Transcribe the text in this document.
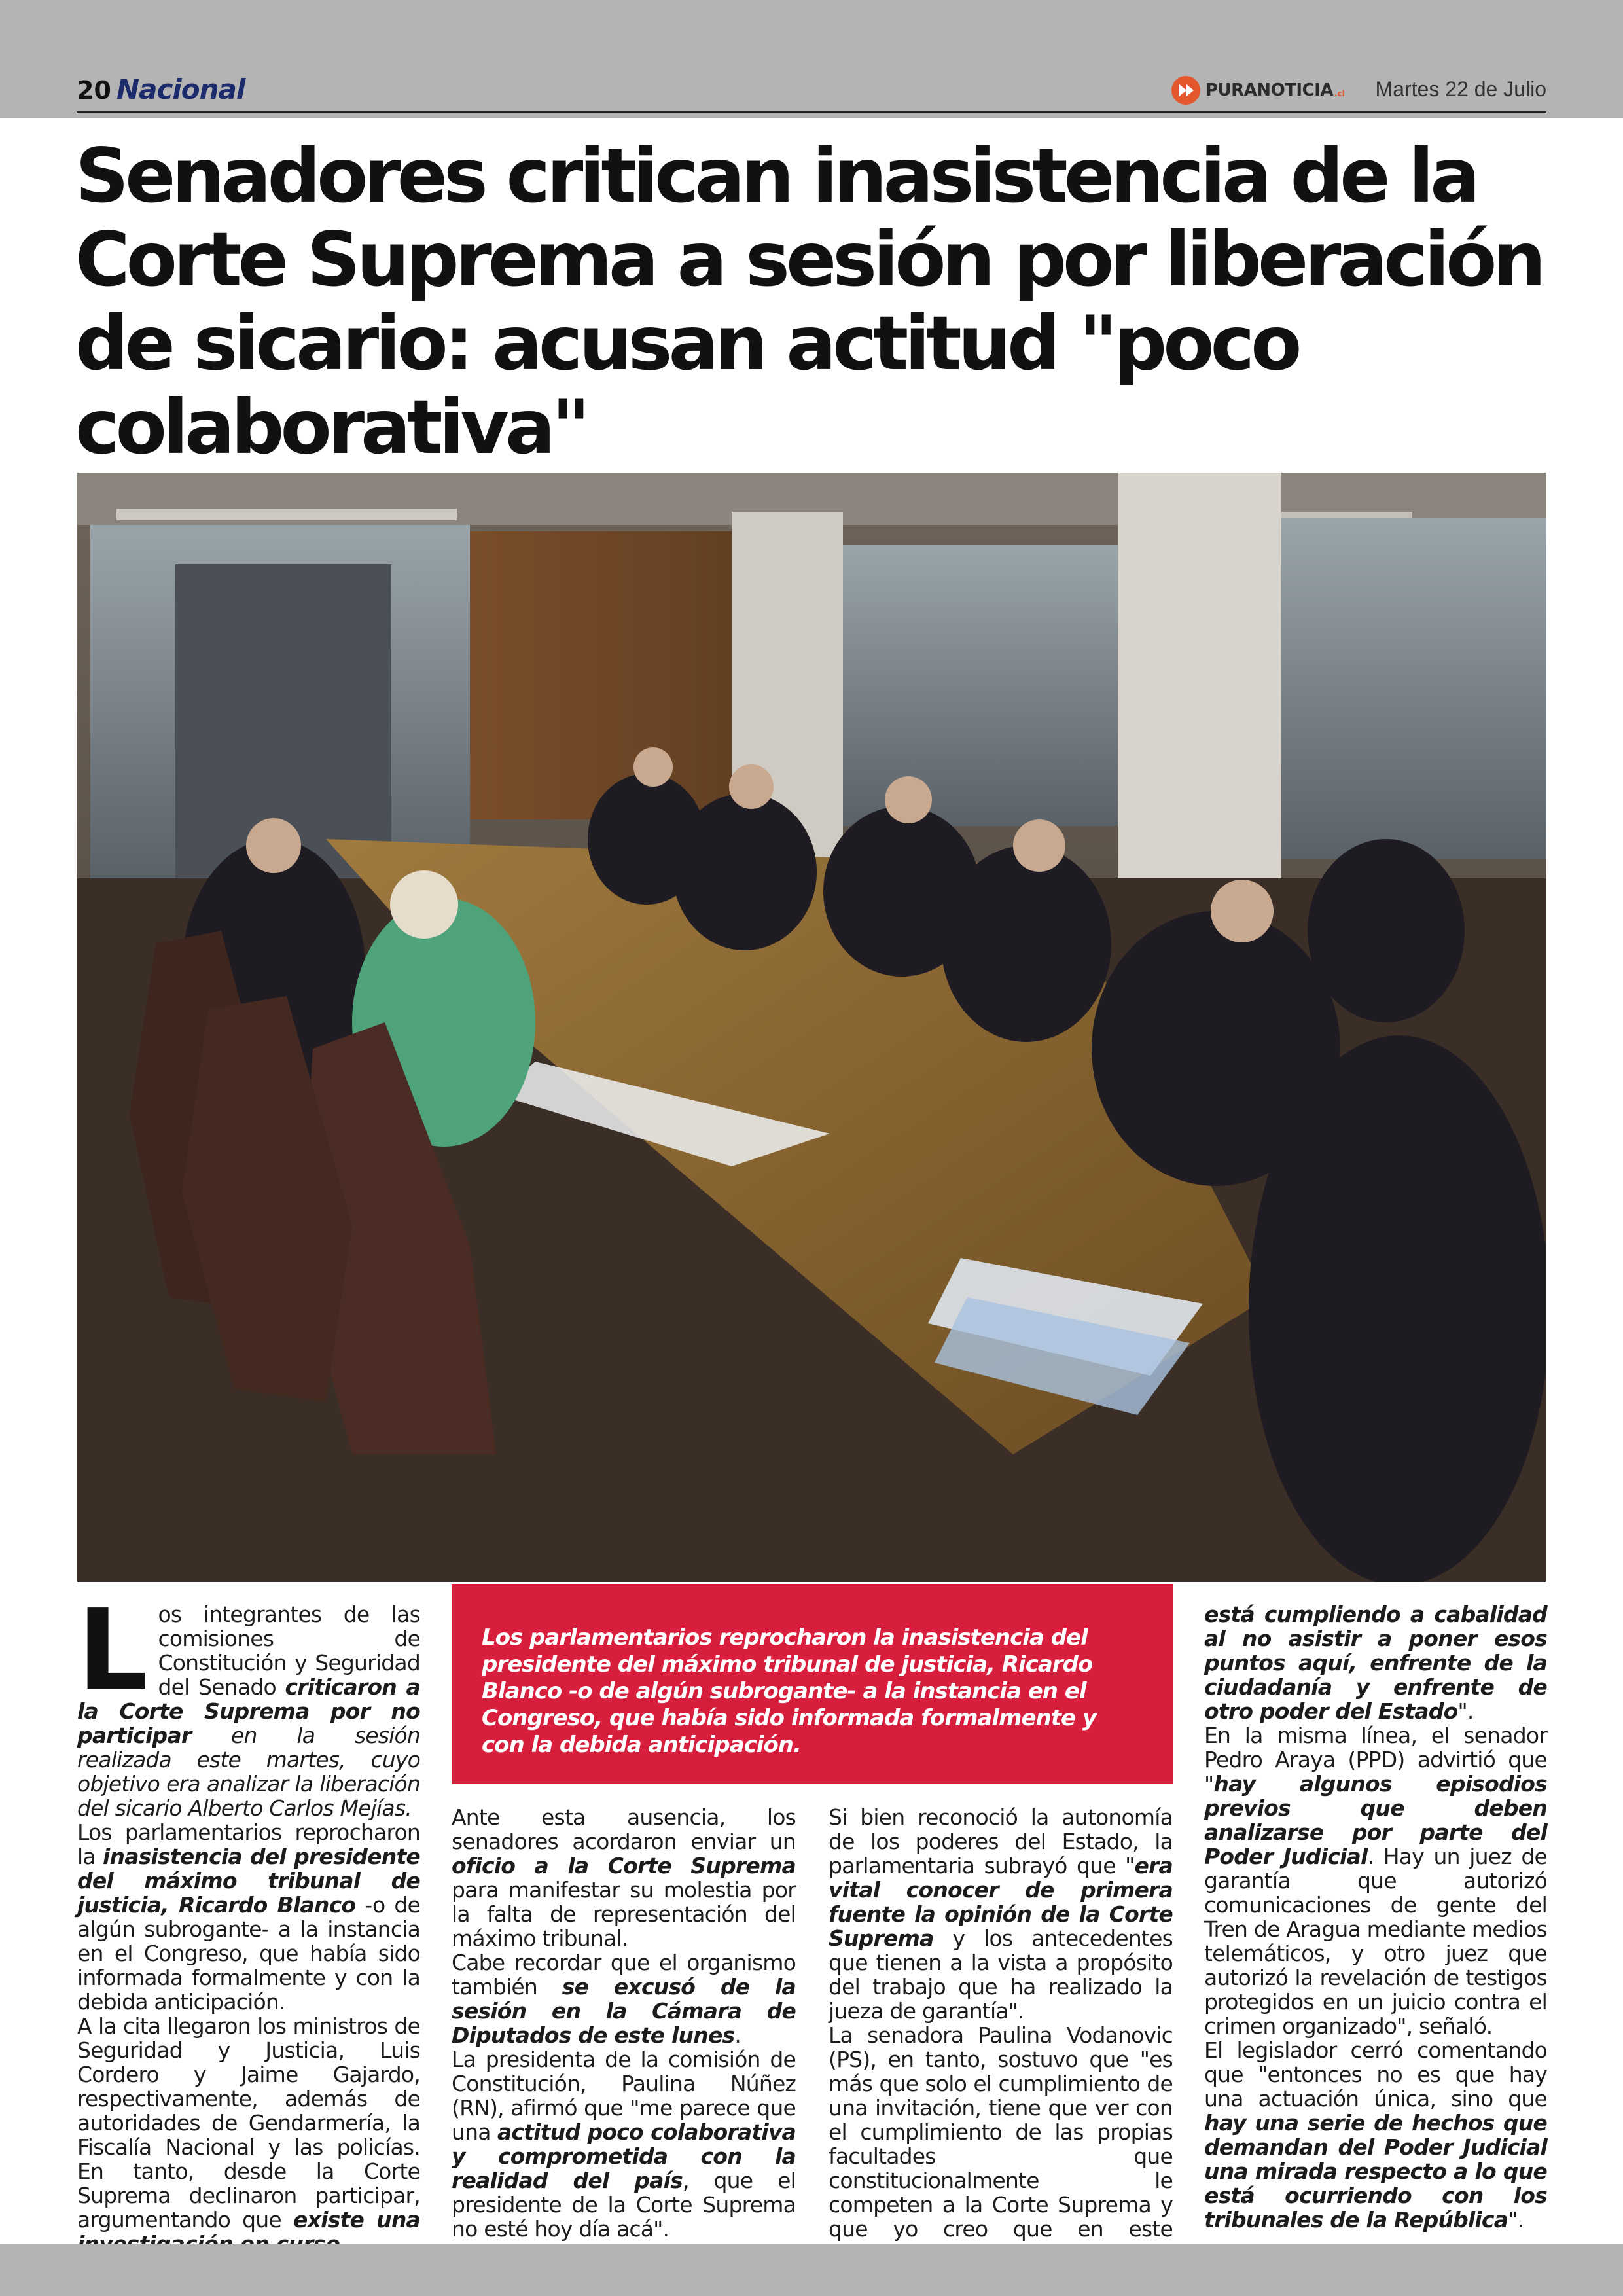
20 Nacional	PURANOTICIA .cl Martes 22 de Julio
Senadores critican inasistencia de la Corte Suprema a sesión por liberación de sicario: acusan actitud "poco colaborativa"
L os integrantes de las comisiones de Constitución y Seguridad del Senado criticaron a la Corte Suprema por no participar en la sesión realizada este martes, cuyo objetivo era analizar la liberación del sicario Alberto Carlos Mejías.

Los parlamentarios reprocharon la inasistencia del presidente del máximo tribunal de justicia, Ricardo Blanco -o de algún subrogante- a la instancia en el Congreso, que había sido informada formalmente y con la debida anticipación.

A la cita llegaron los ministros de Seguridad y Justicia, Luis Cordero y Jaime Gajardo, respectivamente, además de autoridades de Gendarmería, la Fiscalía Nacional y las policías. En tanto, desde la Corte Suprema declinaron participar, argumentando que existe una

Los parlamentarios reprocharon la inasistencia del presidente del máximo tribunal de justicia, Ricardo Blanco -o de algún subrogante- a la instancia en el Congreso, que había sido informada formalmente y con la debida anticipación.

Ante esta ausencia, los senadores acordaron enviar un oficio a la Corte Suprema para manifestar su molestia por la falta de representación del máximo tribunal.

Cabe recordar que el organismo también se excusó de la sesión en la Cámara de Diputados de este lunes.

La presidenta de la comisión de Constitución, Paulina Núñez (RN), afirmó que "me parece que una actitud poco colaborativa y comprometida con la realidad del país, que el presidente de la Corte Suprema no esté hoy día acá".

Si bien reconoció la autonomía de los poderes del Estado, la parlamentaria subrayó que "era vital conocer de primera fuente la opinión de la Corte Suprema y los antecedentes que tienen a la vista a propósito del trabajo que ha realizado la jueza de garantía".

La senadora Paulina Vodanovic (PS), en tanto, sostuvo que "es más que solo el cumplimiento de una invitación, tiene que ver con el cumplimiento de las propias facultades que constitucionalmente le competen a la Corte Suprema y que yo creo que en este

está cumpliendo a cabalidad al no asistir a poner esos puntos aquí, enfrente de la ciudadanía y enfrente de otro poder del Estado".

En la misma línea, el senador Pedro Araya (PPD) advirtió que "hay algunos episodios previos que deben analizarse por parte del Poder Judicial. Hay un juez de garantía que autorizó comunicaciones de gente del Tren de Aragua mediante medios telemáticos, y otro juez que autorizó la revelación de testigos protegidos en un juicio contra el crimen organizado", señaló.

El legislador cerró comentando que "entonces no es que hay una actuación única, sino que hay una serie de hechos que demandan del Poder Judicial una mirada respecto a lo que está ocurriendo con los tribunales de la República".
